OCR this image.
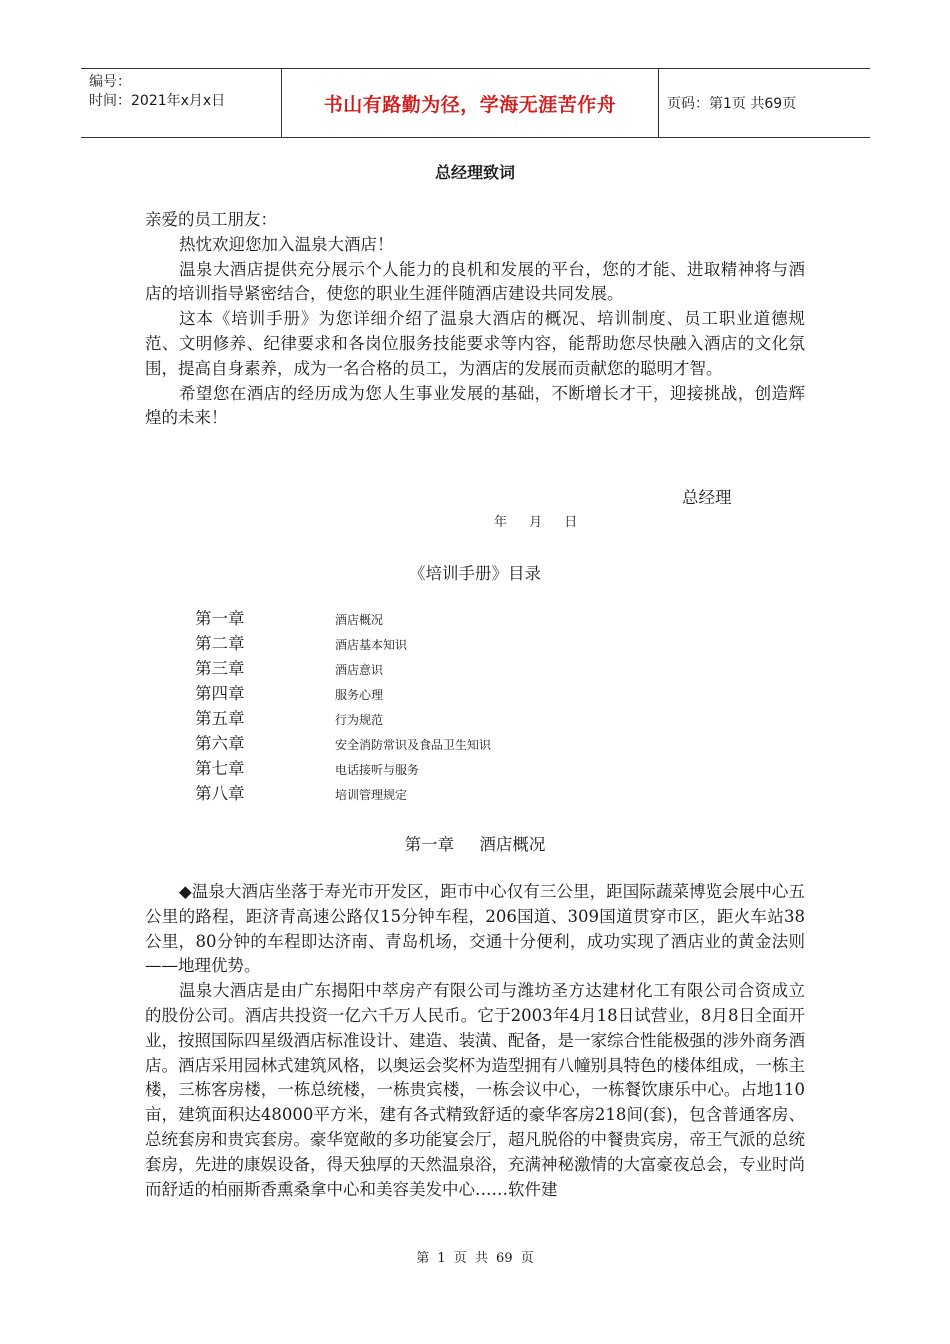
编号：
时间：2021年x月x日	书山有路勤为径，学海无涯苦作舟	页码：第1页 共69页
总经理致词

亲爱的员工朋友：

热忱欢迎您加入温泉大酒店！

温泉大酒店提供充分展示个人能力的良机和发展的平台，您的才能、进取精神将与酒店的培训指导紧密结合，使您的职业生涯伴随酒店建设共同发展。

这本《培训手册》为您详细介绍了温泉大酒店的概况、培训制度、员工职业道德规范、文明修养、纪律要求和各岗位服务技能要求等内容，能帮助您尽快融入酒店的文化氛围，提高自身素养，成为一名合格的员工，为酒店的发展而贡献您的聪明才智。

希望您在酒店的经历成为您人生事业发展的基础，不断增长才干，迎接挑战，创造辉煌的未来！

总经理
年 月 日
《培训手册》目录
第一章	酒店概况
第二章	酒店基本知识
第三章	酒店意识
第四章	服务心理
第五章	行为规范
第六章	安全消防常识及食品卫生知识
第七章	电话接听与服务
第八章	培训管理规定
第一章 酒店概况

◆温泉大酒店坐落于寿光市开发区，距市中心仅有三公里，距国际蔬菜博览会展中心五公里的路程，距济青高速公路仅15分钟车程，206国道、309国道贯穿市区，距火车站38公里，80分钟的车程即达济南、青岛机场，交通十分便利，成功实现了酒店业的黄金法则——地理优势。

温泉大酒店是由广东揭阳中萃房产有限公司与潍坊圣方达建材化工有限公司合资成立的股份公司。酒店共投资一亿六千万人民币。它于2003年4月18日试营业，8月8日全面开业，按照国际四星级酒店标准设计、建造、装潢、配备，是一家综合性能极强的涉外商务酒店。酒店采用园林式建筑风格，以奥运会奖杯为造型拥有八幢别具特色的楼体组成，一栋主楼，三栋客房楼，一栋总统楼，一栋贵宾楼，一栋会议中心，一栋餐饮康乐中心。占地110亩，建筑面积达48000平方米，建有各式精致舒适的豪华客房218间(套)，包含普通客房、总统套房和贵宾套房。豪华宽敞的多功能宴会厅，超凡脱俗的中餐贵宾房，帝王气派的总统套房，先进的康娱设备，得天独厚的天然温泉浴，充满神秘激情的大富豪夜总会，专业时尚而舒适的柏丽斯香熏桑拿中心和美容美发中心……软件建

第 1 页 共 69 页
